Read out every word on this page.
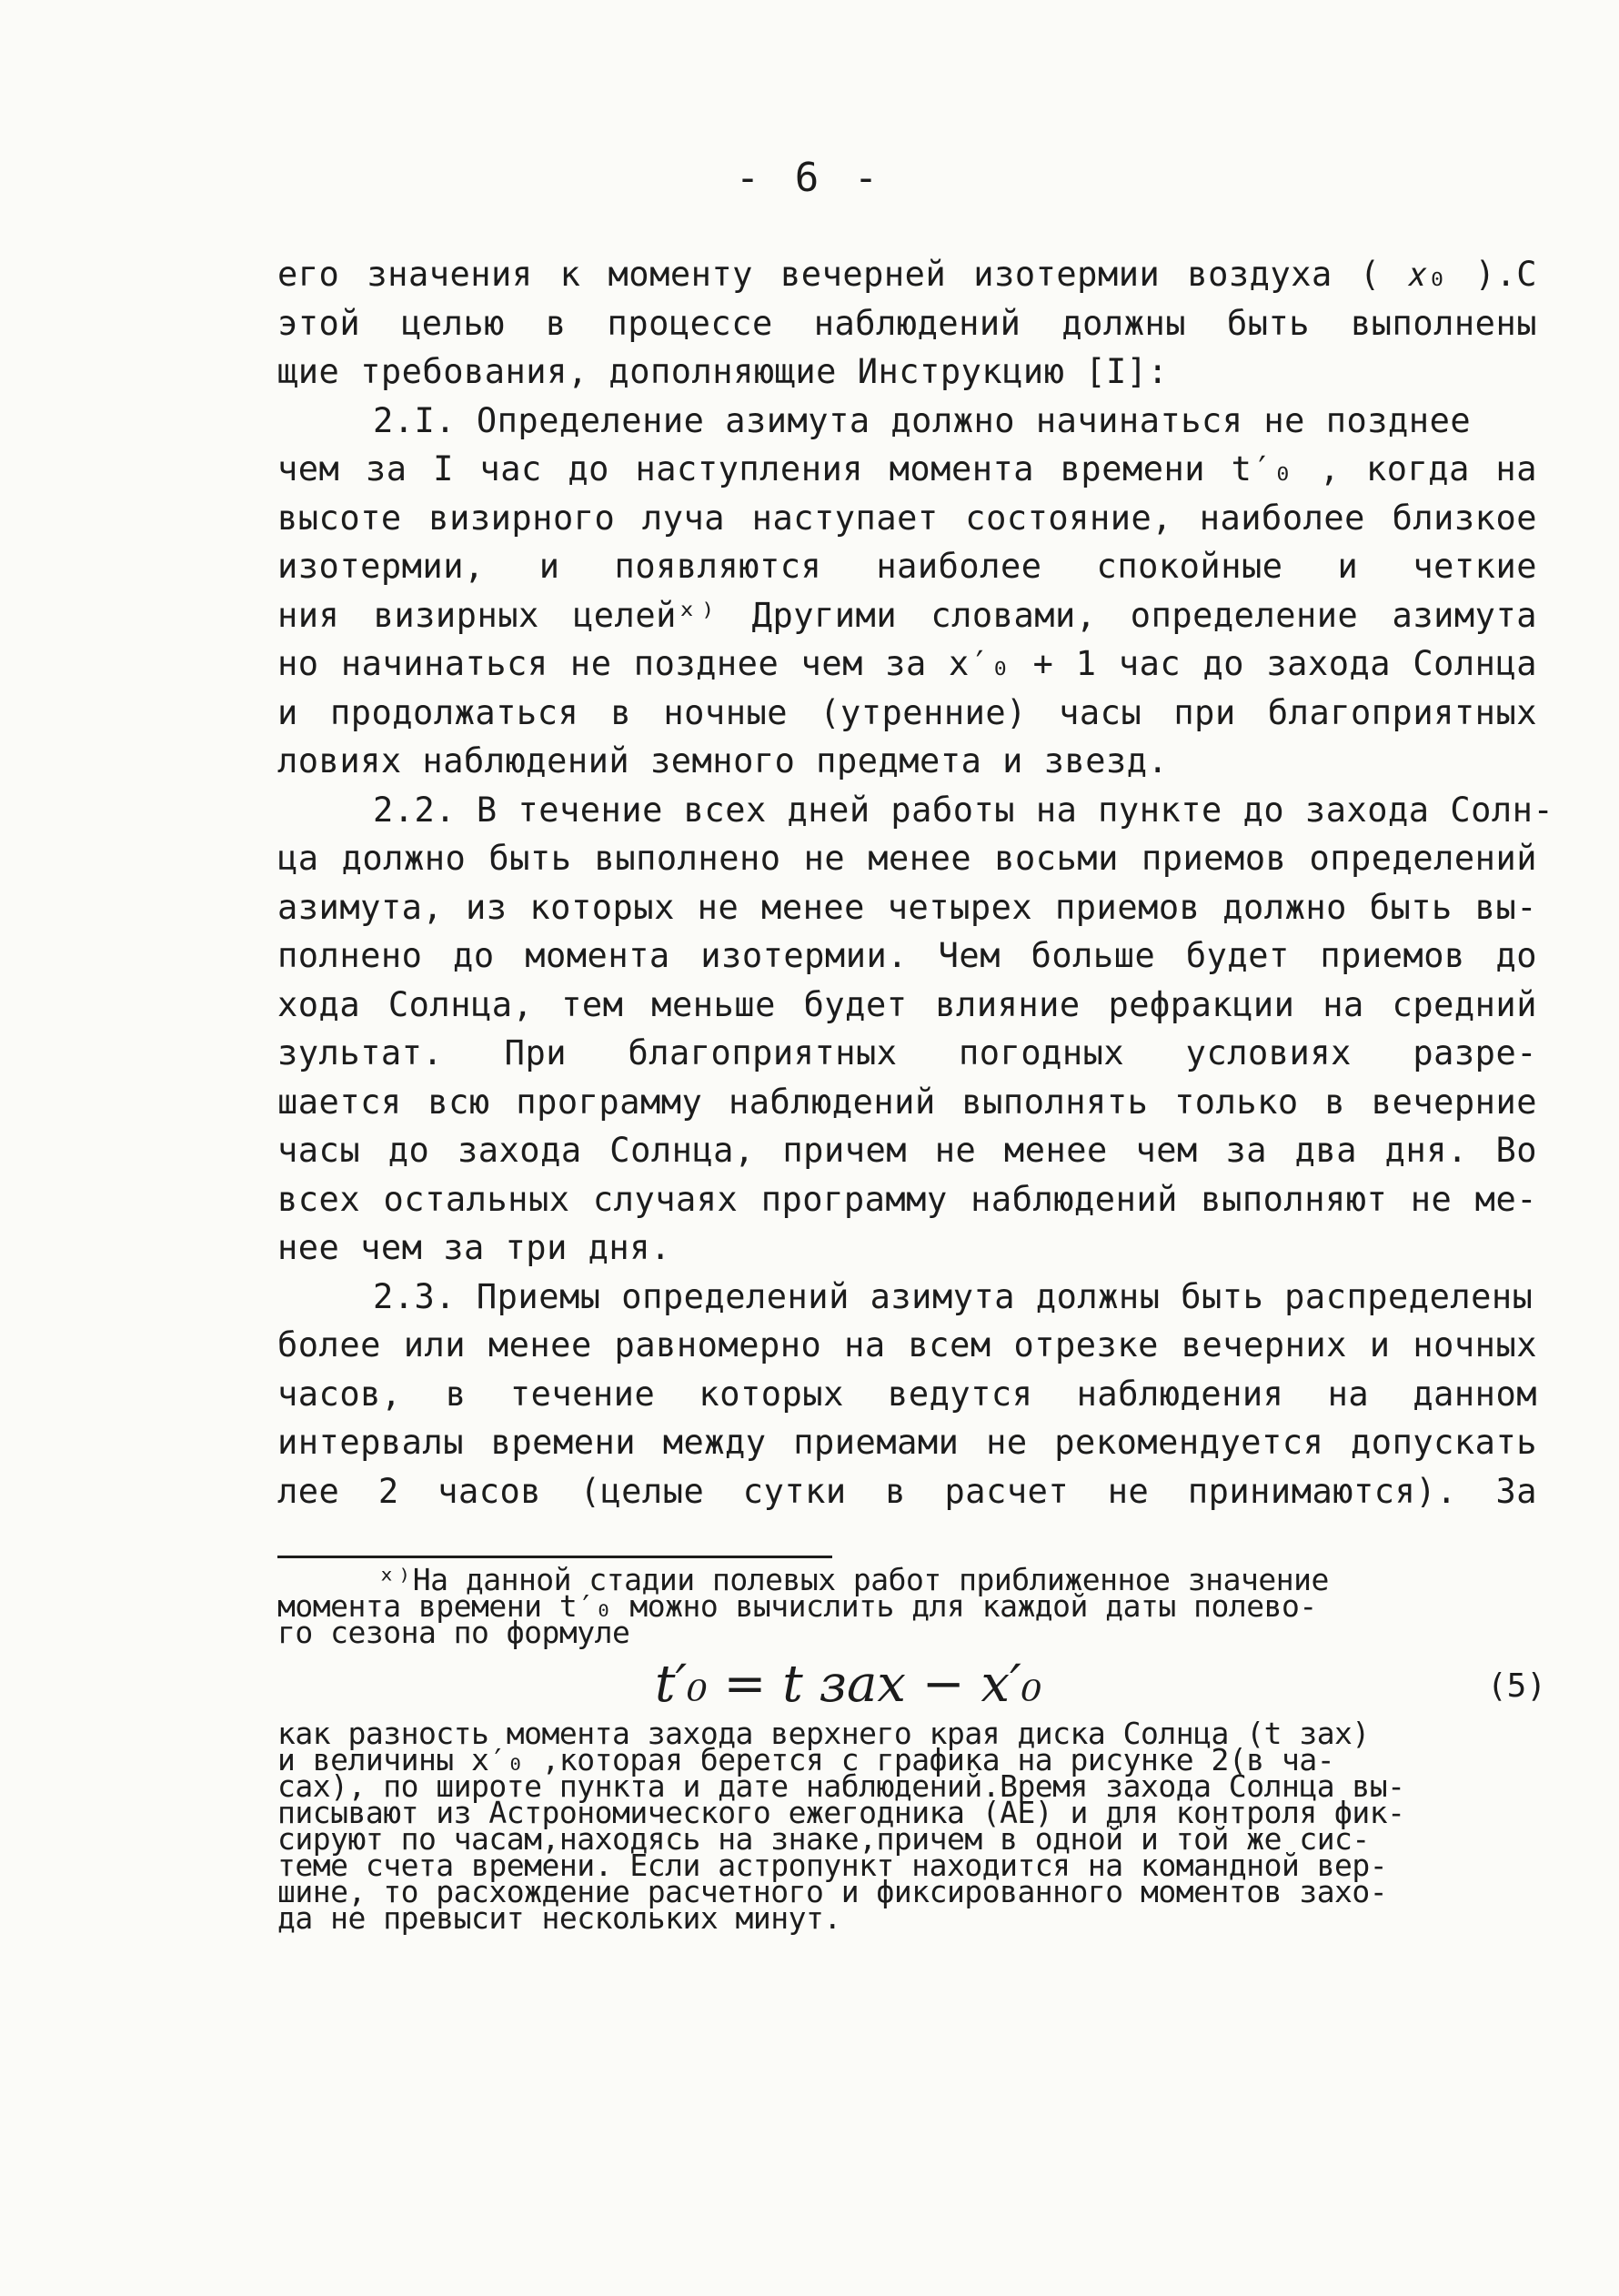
- 6 -
его значения к моменту вечерней изотермии воздуха ( 𝑥₀ ).С
этой целью в процессе наблюдений должны быть выполнены
щие требования, дополняющие Инструкцию [I]:
2.I. Определение азимута должно начинаться не позднее
чем за I час до наступления момента времени t′₀ , когда на
высоте визирного луча наступает состояние, наиболее близкое
изотермии, и появляются наиболее спокойные и четкие
ния визирных целейˣ⁾ Другими словами, определение азимута
но начинаться не позднее чем за x′₀ + 1 час до захода Солнца
и продолжаться в ночные (утренние) часы при благоприятных
ловиях наблюдений земного предмета и звезд.
2.2. В течение всех дней работы на пункте до захода Солн-
ца должно быть выполнено не менее восьми приемов определений
азимута, из которых не менее четырех приемов должно быть вы-
полнено до момента изотермии. Чем больше будет приемов до
хода Солнца, тем меньше будет влияние рефракции на средний
зультат. При благоприятных погодных условиях разре-
шается всю программу наблюдений выполнять только в вечерние
часы до захода Солнца, причем не менее чем за два дня. Во
всех остальных случаях программу наблюдений выполняют не ме-
нее чем за три дня.
2.3. Приемы определений азимута должны быть распределены
более или менее равномерно на всем отрезке вечерних и ночных
часов, в течение которых ведутся наблюдения на данном
интервалы времени между приемами не рекомендуется допускать
лее 2 часов (целые сутки в расчет не принимаются). За
ˣ⁾На данной стадии полевых работ приближенное значение
момента времени t′₀ можно вычислить для каждой даты полево-
го сезона по формуле
t′₀ = t зах − x′₀	(5)
как разность момента захода верхнего края диска Солнца (t зах)
и величины x′₀ ,которая берется с графика на рисунке 2(в ча-
сах), по широте пункта и дате наблюдений.Время захода Солнца вы-
писывают из Астрономического ежегодника (АЕ) и для контроля фик-
сируют по часам,находясь на знаке,причем в одной и той же сис-
теме счета времени. Если астропункт находится на командной вер-
шине, то расхождение расчетного и фиксированного моментов захо-
да не превысит нескольких минут.
